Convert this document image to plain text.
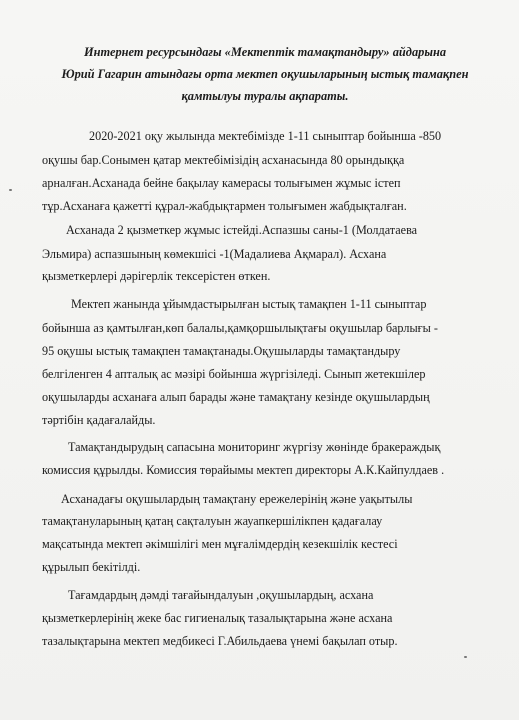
Интернет ресурсындағы «Мектептік тамақтандыру» айдарына
Юрий Гагарин атындағы орта мектеп оқушыларының ыстық тамақпен
қамтылуы туралы ақпараты.

2020-2021 оқу жылында мектебімізде 1-11 сыныптар бойынша -850

оқушы бар.Сонымен қатар мектебімізідің асханасында 80 орындыққа

арналған.Асханада бейне бақылау камерасы толығымен жұмыс істеп

тұр.Асханаға қажетті құрал-жабдықтармен толығымен жабдықталған.

Асханада 2 қызметкер жұмыс істейді.Аспазшы саны-1 (Молдатаева

Эльмира) аспазшының көмекшісі -1(Мадалиева Ақмарал). Асхана

қызметкерлері дәрігерлік тексерістен өткен.

Мектеп жанында ұйымдастырылған ыстық тамақпен 1-11 сыныптар

бойынша аз қамтылған,көп балалы,қамқоршылықтағы оқушылар барлығы -

95 оқушы ыстық тамақпен тамақтанады.Оқушыларды тамақтандыру

белгіленген 4 апталық ас мәзірі бойынша жүргізіледі. Сынып жетекшілер

оқушыларды асханаға алып барады және тамақтану кезінде оқушылардың

тәртібін қадағалайды.

Тамақтандырудың сапасына мониторинг жүргізу жөнінде бракераждық

комиссия құрылды. Комиссия төрайымы мектеп директоры А.К.Кайпулдаев .

Асханадағы оқушылардың тамақтану ережелерінің және уақытылы

тамақтануларының қатаң сақталуын жауапкершілікпен қадағалау

мақсатында мектеп әкімшілігі мен мұғалімдердің кезекшілік кестесі

құрылып бекітілді.

Тағамдардың дәмді тағайындалуын ,оқушылардың, асхана

қызметкерлерінің жеке бас гигиеналық тазалықтарына және асхана

тазалықтарына мектеп медбикесі Г.Абильдаева үнемі бақылап отыр.
